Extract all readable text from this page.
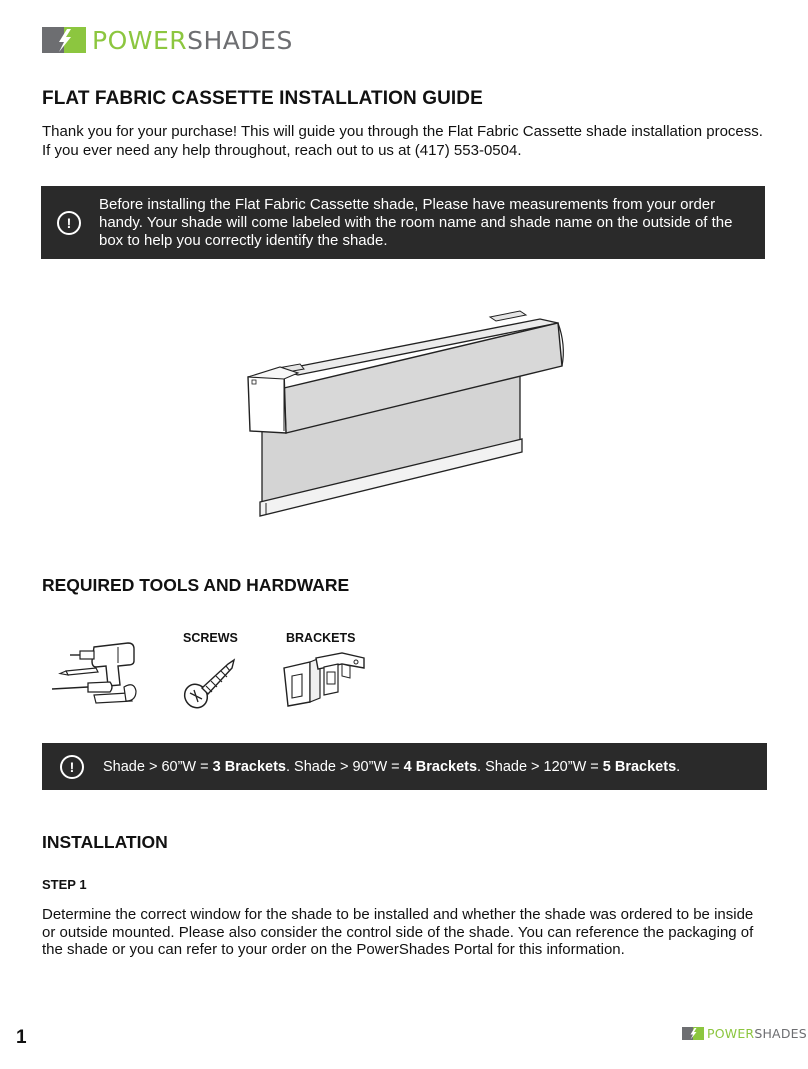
POWERSHADES
FLAT FABRIC CASSETTE INSTALLATION GUIDE
Thank you for your purchase! This will guide you through the Flat Fabric Cassette shade installation process. If you ever need any help throughout, reach out to us at (417) 553-0504.
!
Before installing the Flat Fabric Cassette shade, Please have measurements from your order handy. Your shade will come labeled with the room name and shade name on the outside of the box to help you correctly identify the shade.
REQUIRED TOOLS AND HARDWARE
SCREWS	BRACKETS
!	Shade > 60”W = 3 Brackets. Shade > 90”W = 4 Brackets. Shade > 120”W = 5 Brackets.
INSTALLATION
STEP 1
Determine the correct window for the shade to be installed and whether the shade was ordered to be inside or outside mounted. Please also consider the control side of the shade. You can reference the packaging of the shade or you can refer to your order on the PowerShades Portal for this information.
1	POWERSHADES
